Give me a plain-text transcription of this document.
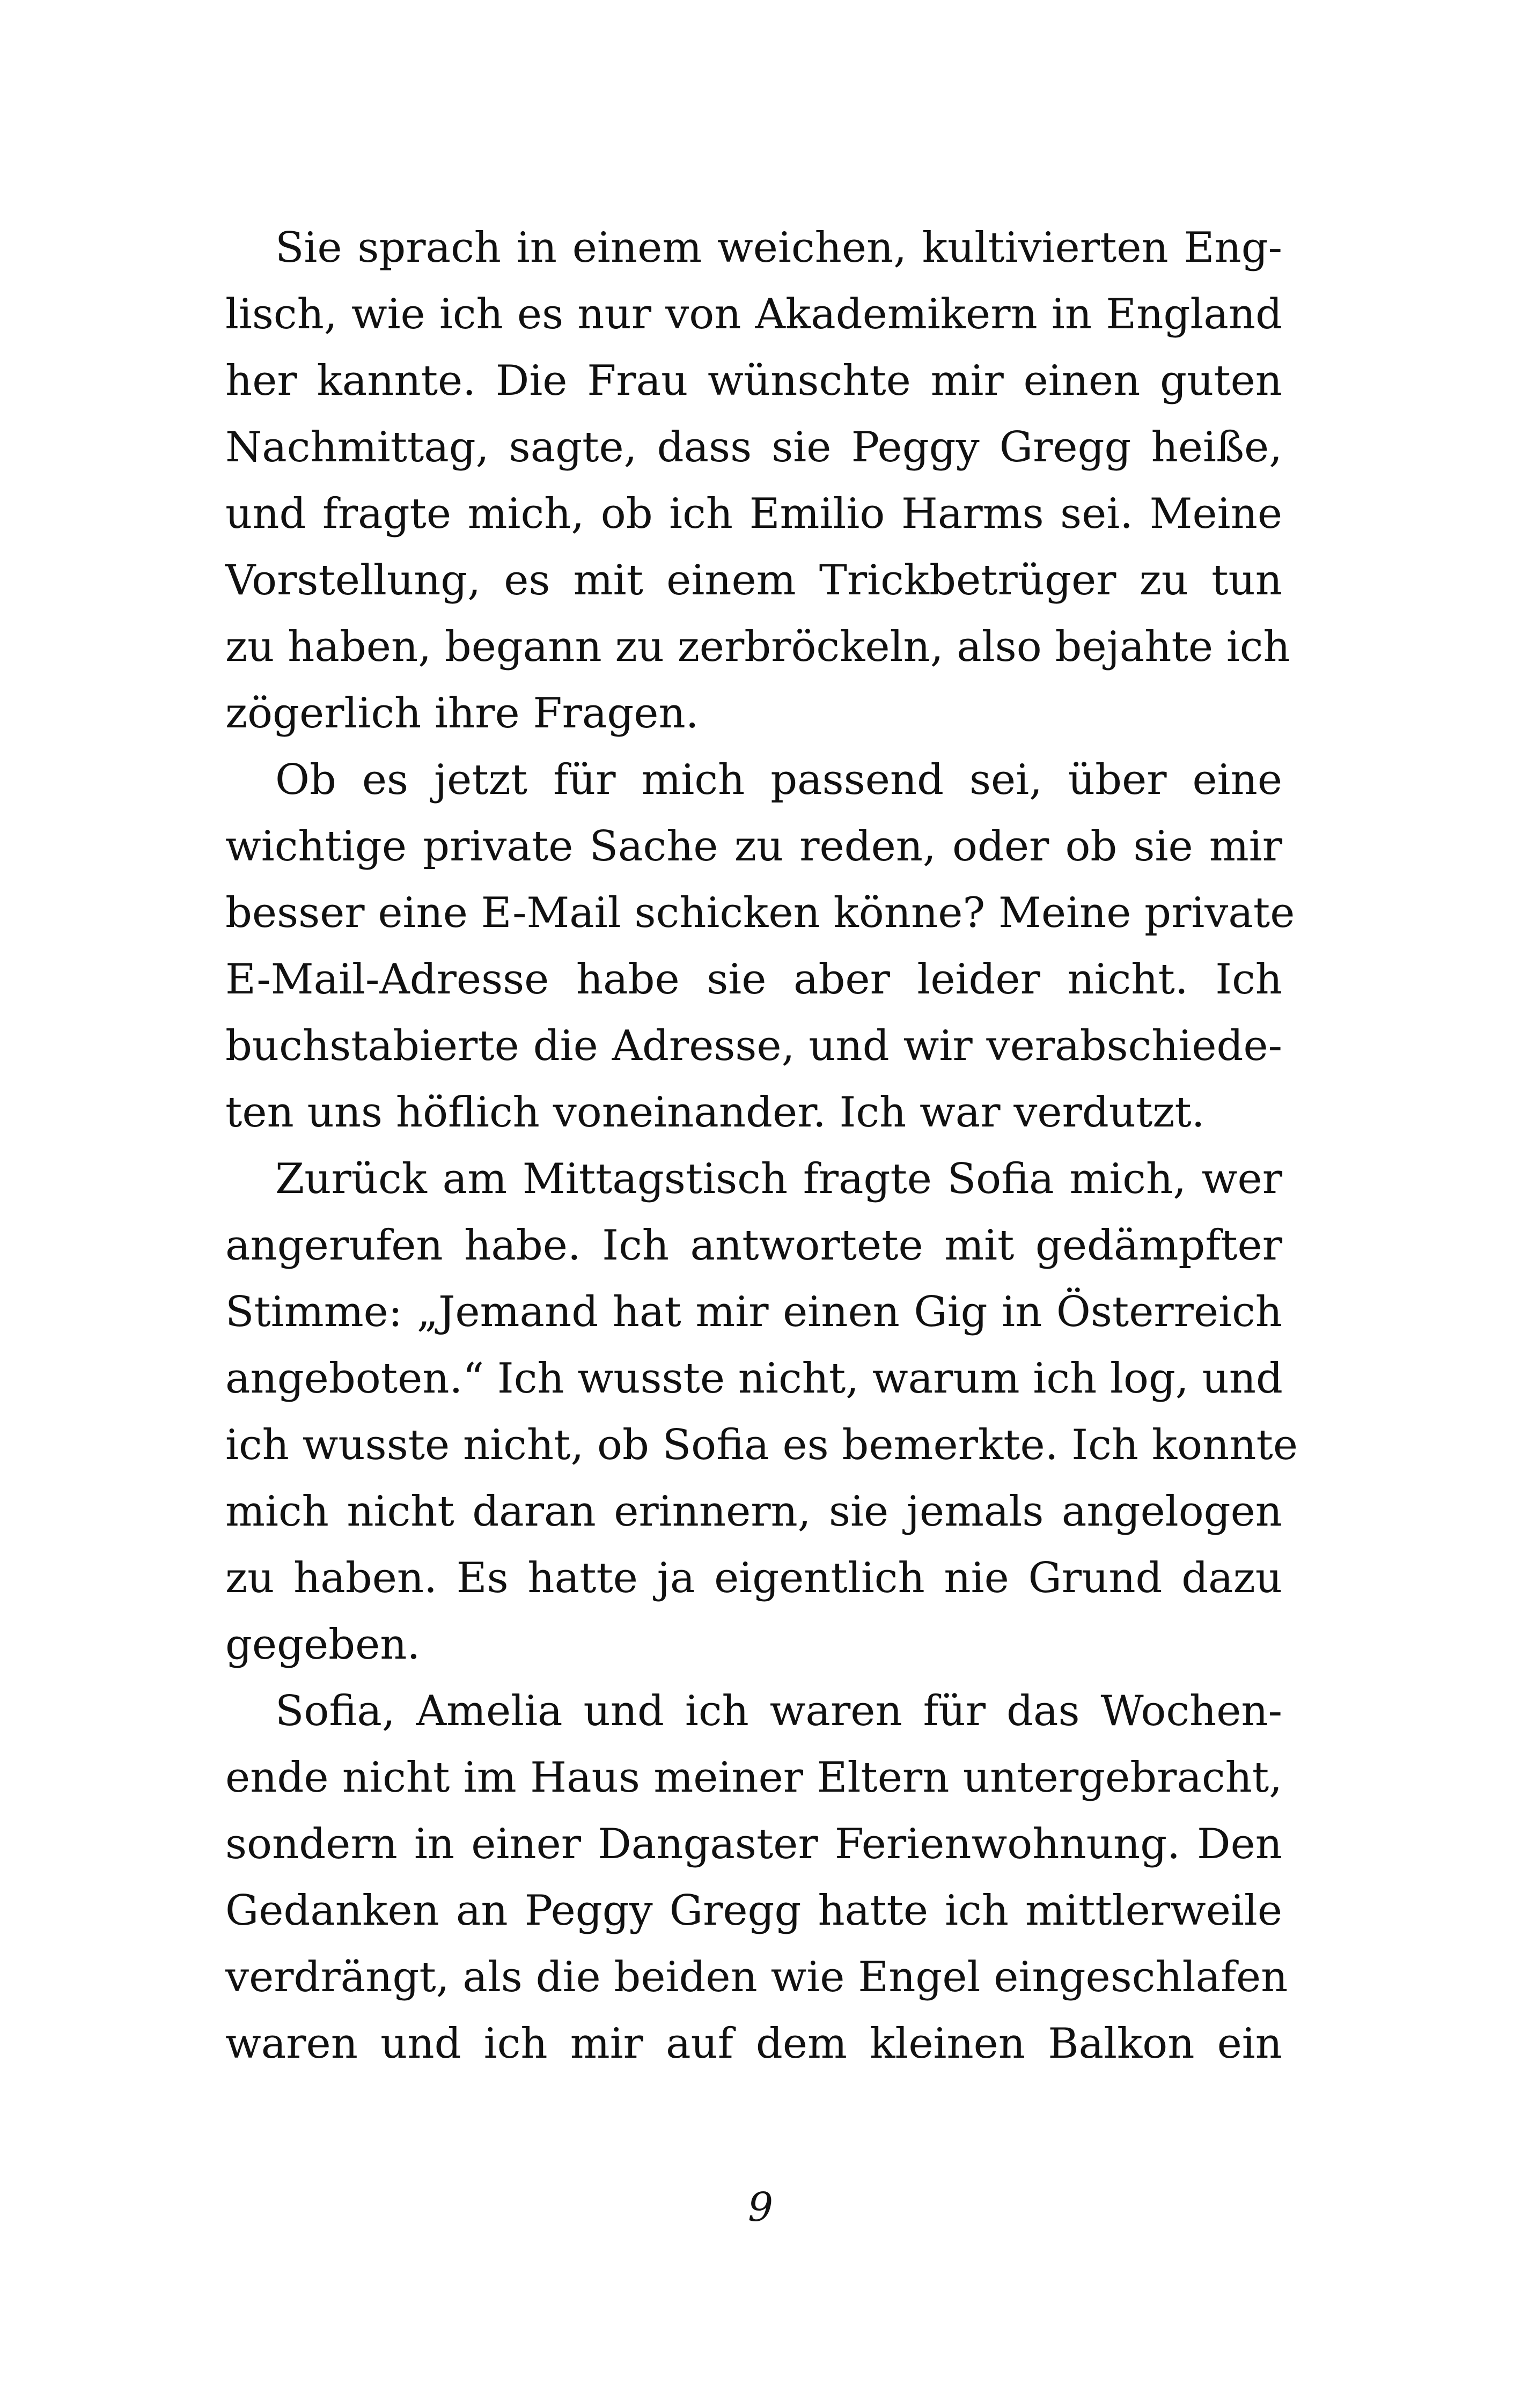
Sie sprach in einem weichen, kultivierten Eng-
lisch, wie ich es nur von Akademikern in England
her kannte. Die Frau wünschte mir einen guten
Nachmittag, sagte, dass sie Peggy Gregg heiße,
und fragte mich, ob ich Emilio Harms sei. Meine
Vorstellung, es mit einem Trickbetrüger zu tun
zu haben, begann zu zerbröckeln, also bejahte ich
zögerlich ihre Fragen.
Ob es jetzt für mich passend sei, über eine
wichtige private Sache zu reden, oder ob sie mir
besser eine E-Mail schicken könne? Meine private
E-Mail-Adresse habe sie aber leider nicht. Ich
buchstabierte die Adresse, und wir verabschiede-
ten uns höflich voneinander. Ich war verdutzt.
Zurück am Mittagstisch fragte Sofia mich, wer
angerufen habe. Ich antwortete mit gedämpfter
Stimme: „Jemand hat mir einen Gig in Österreich
angeboten.“ Ich wusste nicht, warum ich log, und
ich wusste nicht, ob Sofia es bemerkte. Ich konnte
mich nicht daran erinnern, sie jemals angelogen
zu haben. Es hatte ja eigentlich nie Grund dazu
gegeben.
Sofia, Amelia und ich waren für das Wochen-
ende nicht im Haus meiner Eltern untergebracht,
sondern in einer Dangaster Ferienwohnung. Den
Gedanken an Peggy Gregg hatte ich mittlerweile
verdrängt, als die beiden wie Engel eingeschlafen
waren und ich mir auf dem kleinen Balkon ein
9
